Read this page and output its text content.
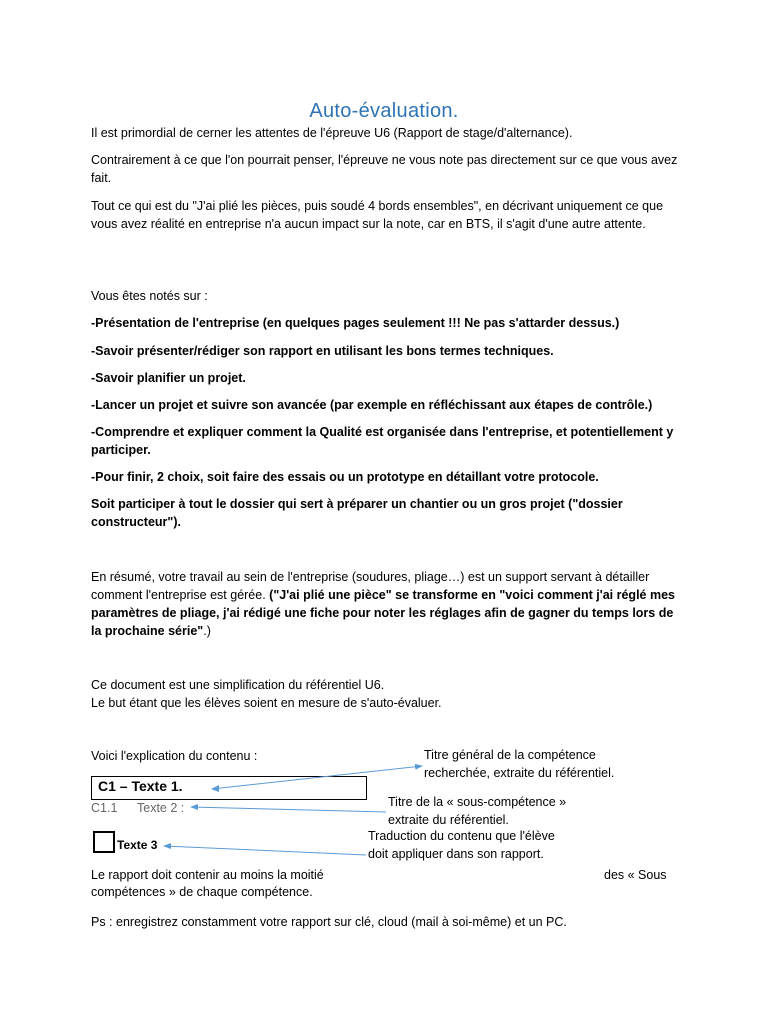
Auto-évaluation.
Il est primordial de cerner les attentes de l'épreuve U6 (Rapport de stage/d'alternance).
Contrairement à ce que l'on pourrait penser, l'épreuve ne vous note pas directement sur ce que vous avez fait.
Tout ce qui est du "J'ai plié les pièces, puis soudé 4 bords ensembles", en décrivant uniquement ce que vous avez réalité en entreprise n'a aucun impact sur la note, car en BTS, il s'agit d'une autre attente.
Vous êtes notés sur :
-Présentation de l'entreprise (en quelques pages seulement !!! Ne pas s'attarder dessus.)
-Savoir présenter/rédiger son rapport en utilisant les bons termes techniques.
-Savoir planifier un projet.
-Lancer un projet et suivre son avancée (par exemple en réfléchissant aux étapes de contrôle.)
-Comprendre et expliquer comment la Qualité est organisée dans l'entreprise, et potentiellement y participer.
-Pour finir, 2 choix, soit faire des essais ou un prototype en détaillant votre protocole.
Soit participer à tout le dossier qui sert à préparer un chantier ou un gros projet ("dossier constructeur").
En résumé, votre travail au sein de l'entreprise (soudures, pliage…) est un support servant à détailler comment l'entreprise est gérée. ("J'ai plié une pièce" se transforme en "voici comment j'ai réglé mes paramètres de pliage, j'ai rédigé une fiche pour noter les réglages afin de gagner du temps lors de la prochaine série".)
Ce document est une simplification du référentiel U6.
Le but étant que les élèves soient en mesure de s'auto-évaluer.
Voici l'explication du contenu :
C1 – Texte 1.
C1.1 Texte 2 :
Texte 3
Titre général de la compétence
recherchée, extraite du référentiel.
Titre de la « sous-compétence »
extraite du référentiel.
Traduction du contenu que l'élève
doit appliquer dans son rapport.
Le rapport doit contenir au moins la moitié	des « Sous
compétences » de chaque compétence.
Ps : enregistrez constamment votre rapport sur clé, cloud (mail à soi-même) et un PC.
